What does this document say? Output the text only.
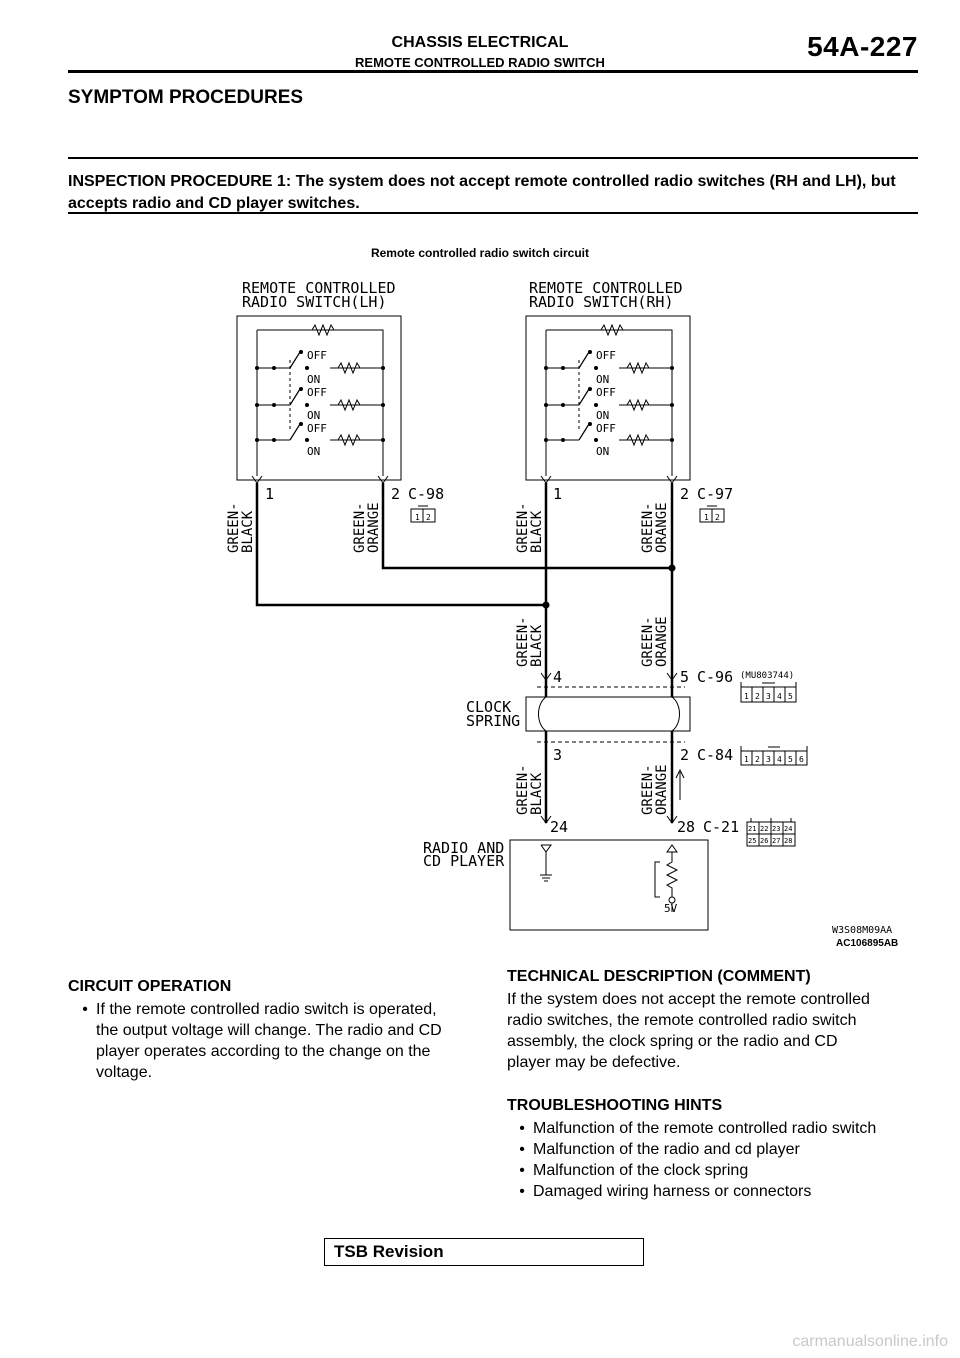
CHASSIS ELECTRICAL
REMOTE CONTROLLED RADIO SWITCH
54A-227
SYMPTOM PROCEDURES
INSPECTION PROCEDURE 1: The system does not accept remote controlled radio switches (RH and LH), but accepts radio and CD player switches.
Remote controlled radio switch circuit
REMOTE CONTROLLED
RADIO SWITCH(LH)
REMOTE CONTROLLED
RADIO SWITCH(RH)
OFF
ON
OFF
ON
OFF
ON
OFF
ON
OFF
ON
OFF
ON
1	2 C-98	1	2 C-97
1 2	1 2
GREEN-
BLACK	GREEN-
ORANGE	GREEN-
BLACK	GREEN-
ORANGE
GREEN-
BLACK	GREEN-
ORANGE
GREEN-
BLACK	GREEN-
ORANGE
4	5 C-96 (MU803744)
1 2 3 4 5
CLOCK
SPRING
3	2 C-84 1 2 3 4 5 6
24	28 C-21 21 22 23 24
25 26 27 28
RADIO AND
CD PLAYER
5V
W3S08M09AA
AC106895AB
CIRCUIT OPERATION
• If the remote controlled radio switch is operated,
the output voltage will change. The radio and CD
player operates according to the change on the
voltage.
TECHNICAL DESCRIPTION (COMMENT)
If the system does not accept the remote controlled
radio switches, the remote controlled radio switch
assembly, the clock spring or the radio and CD
player may be defective.
TROUBLESHOOTING HINTS
• Malfunction of the remote controlled radio switch
• Malfunction of the radio and cd player
• Malfunction of the clock spring
• Damaged wiring harness or connectors
TSB Revision
carmanualsonline.info
